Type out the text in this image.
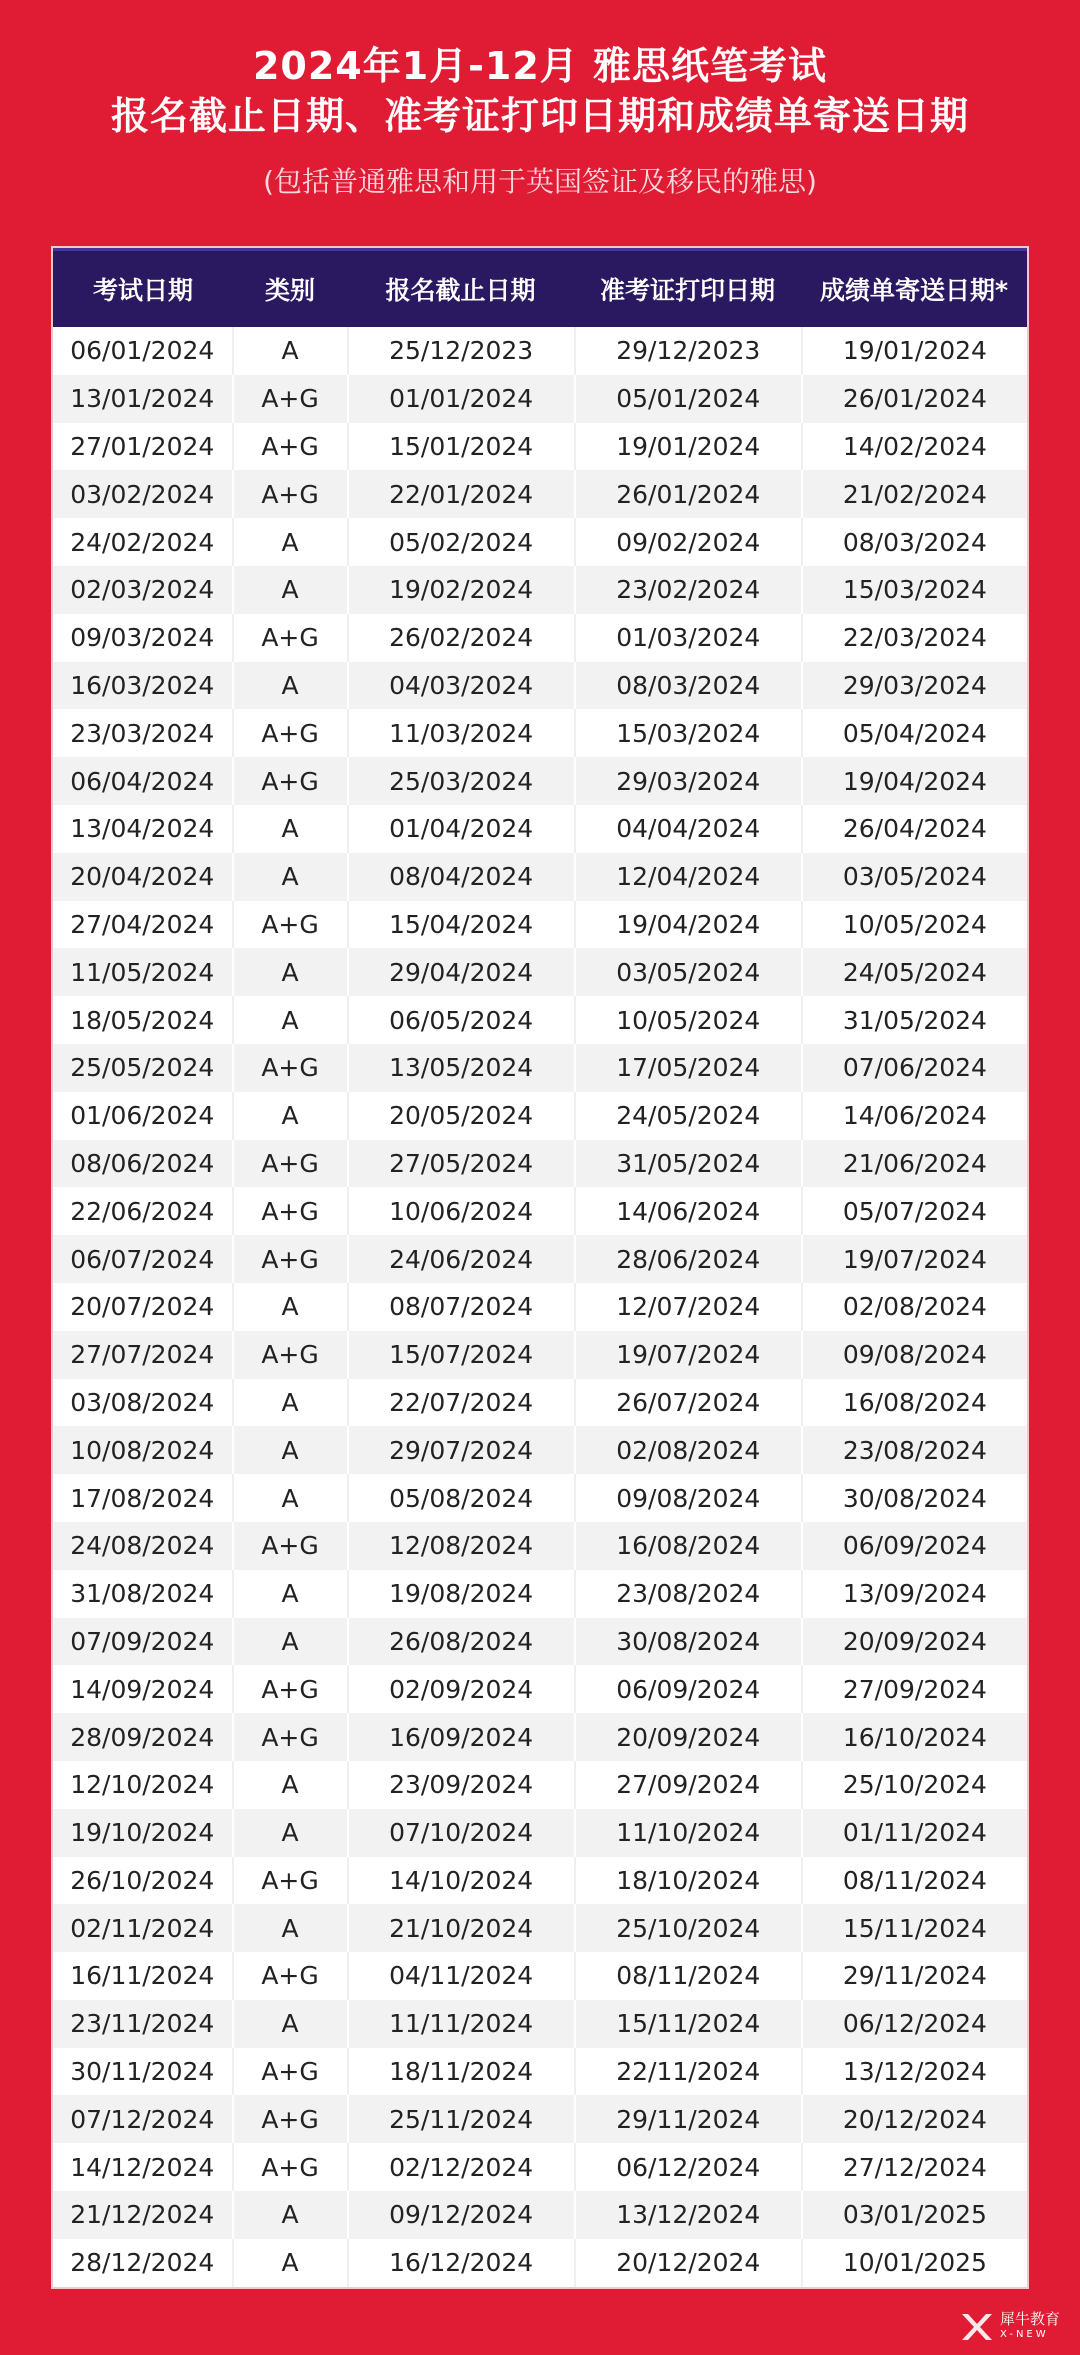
2024年1月-12月 雅思纸笔考试
报名截止日期、准考证打印日期和成绩单寄送日期
(包括普通雅思和用于英国签证及移民的雅思)
考试日期	类别	报名截止日期	准考证打印日期	成绩单寄送日期*
06/01/2024	A	25/12/2023	29/12/2023	19/01/2024
13/01/2024	A+G	01/01/2024	05/01/2024	26/01/2024
27/01/2024	A+G	15/01/2024	19/01/2024	14/02/2024
03/02/2024	A+G	22/01/2024	26/01/2024	21/02/2024
24/02/2024	A	05/02/2024	09/02/2024	08/03/2024
02/03/2024	A	19/02/2024	23/02/2024	15/03/2024
09/03/2024	A+G	26/02/2024	01/03/2024	22/03/2024
16/03/2024	A	04/03/2024	08/03/2024	29/03/2024
23/03/2024	A+G	11/03/2024	15/03/2024	05/04/2024
06/04/2024	A+G	25/03/2024	29/03/2024	19/04/2024
13/04/2024	A	01/04/2024	04/04/2024	26/04/2024
20/04/2024	A	08/04/2024	12/04/2024	03/05/2024
27/04/2024	A+G	15/04/2024	19/04/2024	10/05/2024
11/05/2024	A	29/04/2024	03/05/2024	24/05/2024
18/05/2024	A	06/05/2024	10/05/2024	31/05/2024
25/05/2024	A+G	13/05/2024	17/05/2024	07/06/2024
01/06/2024	A	20/05/2024	24/05/2024	14/06/2024
08/06/2024	A+G	27/05/2024	31/05/2024	21/06/2024
22/06/2024	A+G	10/06/2024	14/06/2024	05/07/2024
06/07/2024	A+G	24/06/2024	28/06/2024	19/07/2024
20/07/2024	A	08/07/2024	12/07/2024	02/08/2024
27/07/2024	A+G	15/07/2024	19/07/2024	09/08/2024
03/08/2024	A	22/07/2024	26/07/2024	16/08/2024
10/08/2024	A	29/07/2024	02/08/2024	23/08/2024
17/08/2024	A	05/08/2024	09/08/2024	30/08/2024
24/08/2024	A+G	12/08/2024	16/08/2024	06/09/2024
31/08/2024	A	19/08/2024	23/08/2024	13/09/2024
07/09/2024	A	26/08/2024	30/08/2024	20/09/2024
14/09/2024	A+G	02/09/2024	06/09/2024	27/09/2024
28/09/2024	A+G	16/09/2024	20/09/2024	16/10/2024
12/10/2024	A	23/09/2024	27/09/2024	25/10/2024
19/10/2024	A	07/10/2024	11/10/2024	01/11/2024
26/10/2024	A+G	14/10/2024	18/10/2024	08/11/2024
02/11/2024	A	21/10/2024	25/10/2024	15/11/2024
16/11/2024	A+G	04/11/2024	08/11/2024	29/11/2024
23/11/2024	A	11/11/2024	15/11/2024	06/12/2024
30/11/2024	A+G	18/11/2024	22/11/2024	13/12/2024
07/12/2024	A+G	25/11/2024	29/11/2024	20/12/2024
14/12/2024	A+G	02/12/2024	06/12/2024	27/12/2024
21/12/2024	A	09/12/2024	13/12/2024	03/01/2025
28/12/2024	A	16/12/2024	20/12/2024	10/01/2025
犀牛教育
X-NEW
